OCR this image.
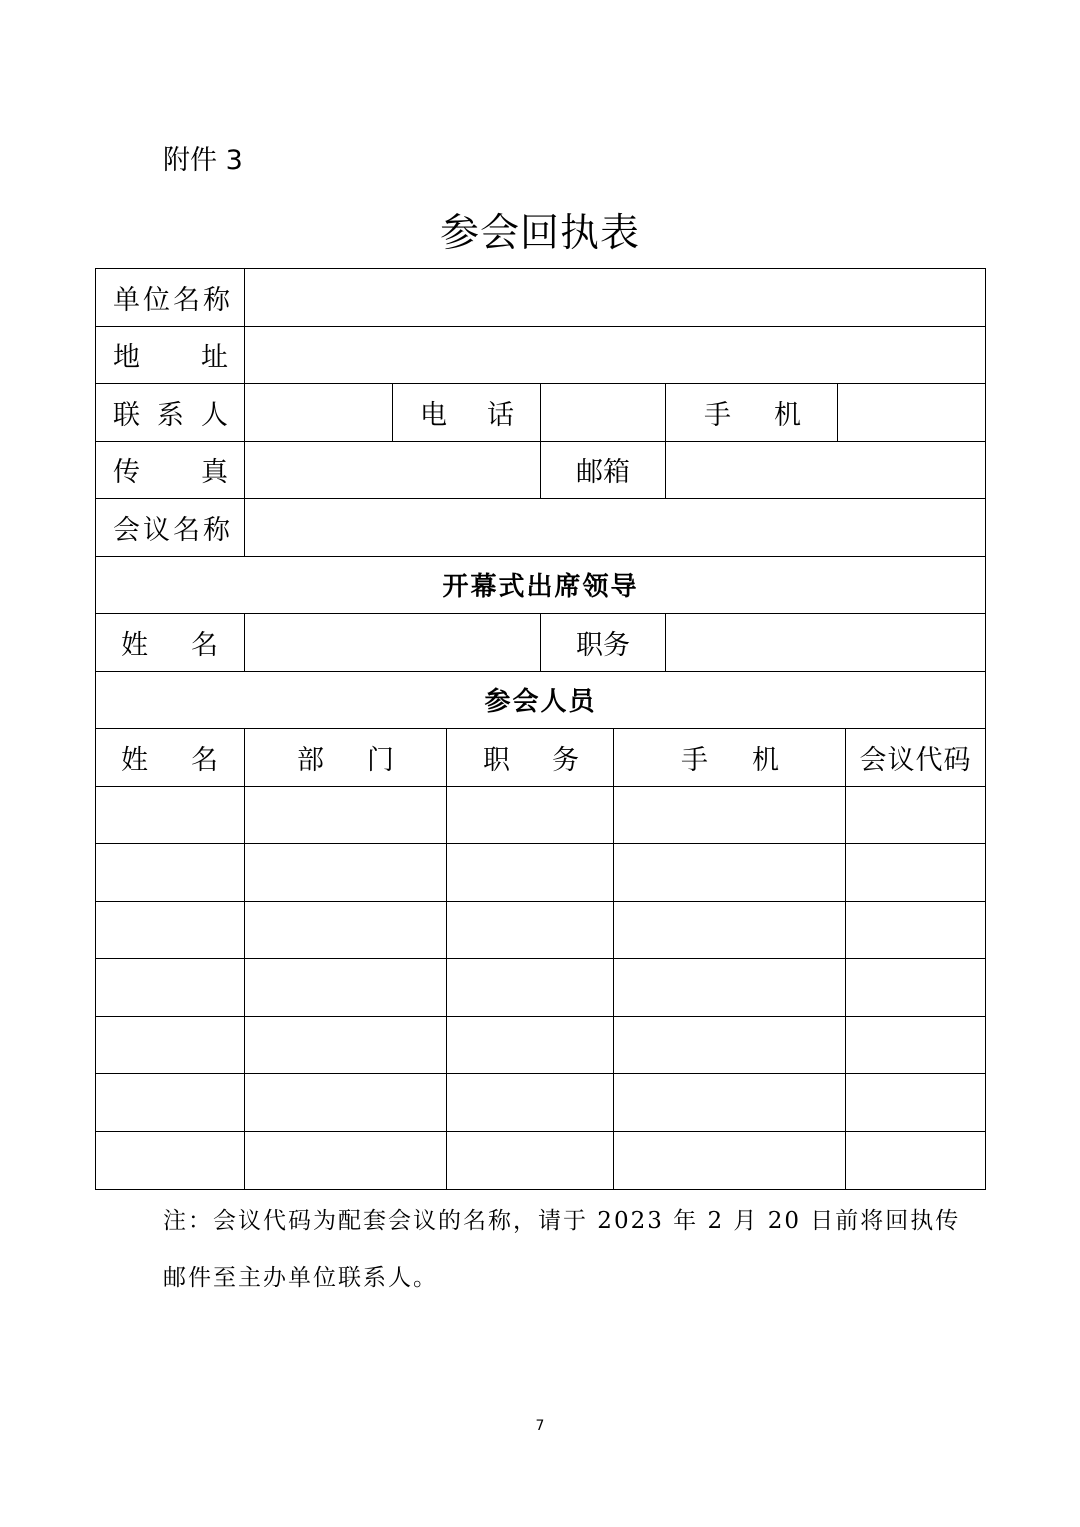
附件 3
参会回执表
单位名称
地 址
联 系 人	电 话	手 机
传 真	邮箱
会议名称
开幕式出席领导
姓 名	职务
参会人员
姓 名	部 门	职 务	手 机	会议代码
注：会议代码为配套会议的名称，请于 2023 年 2 月 20 日前将回执传
邮件至主办单位联系人。
7
